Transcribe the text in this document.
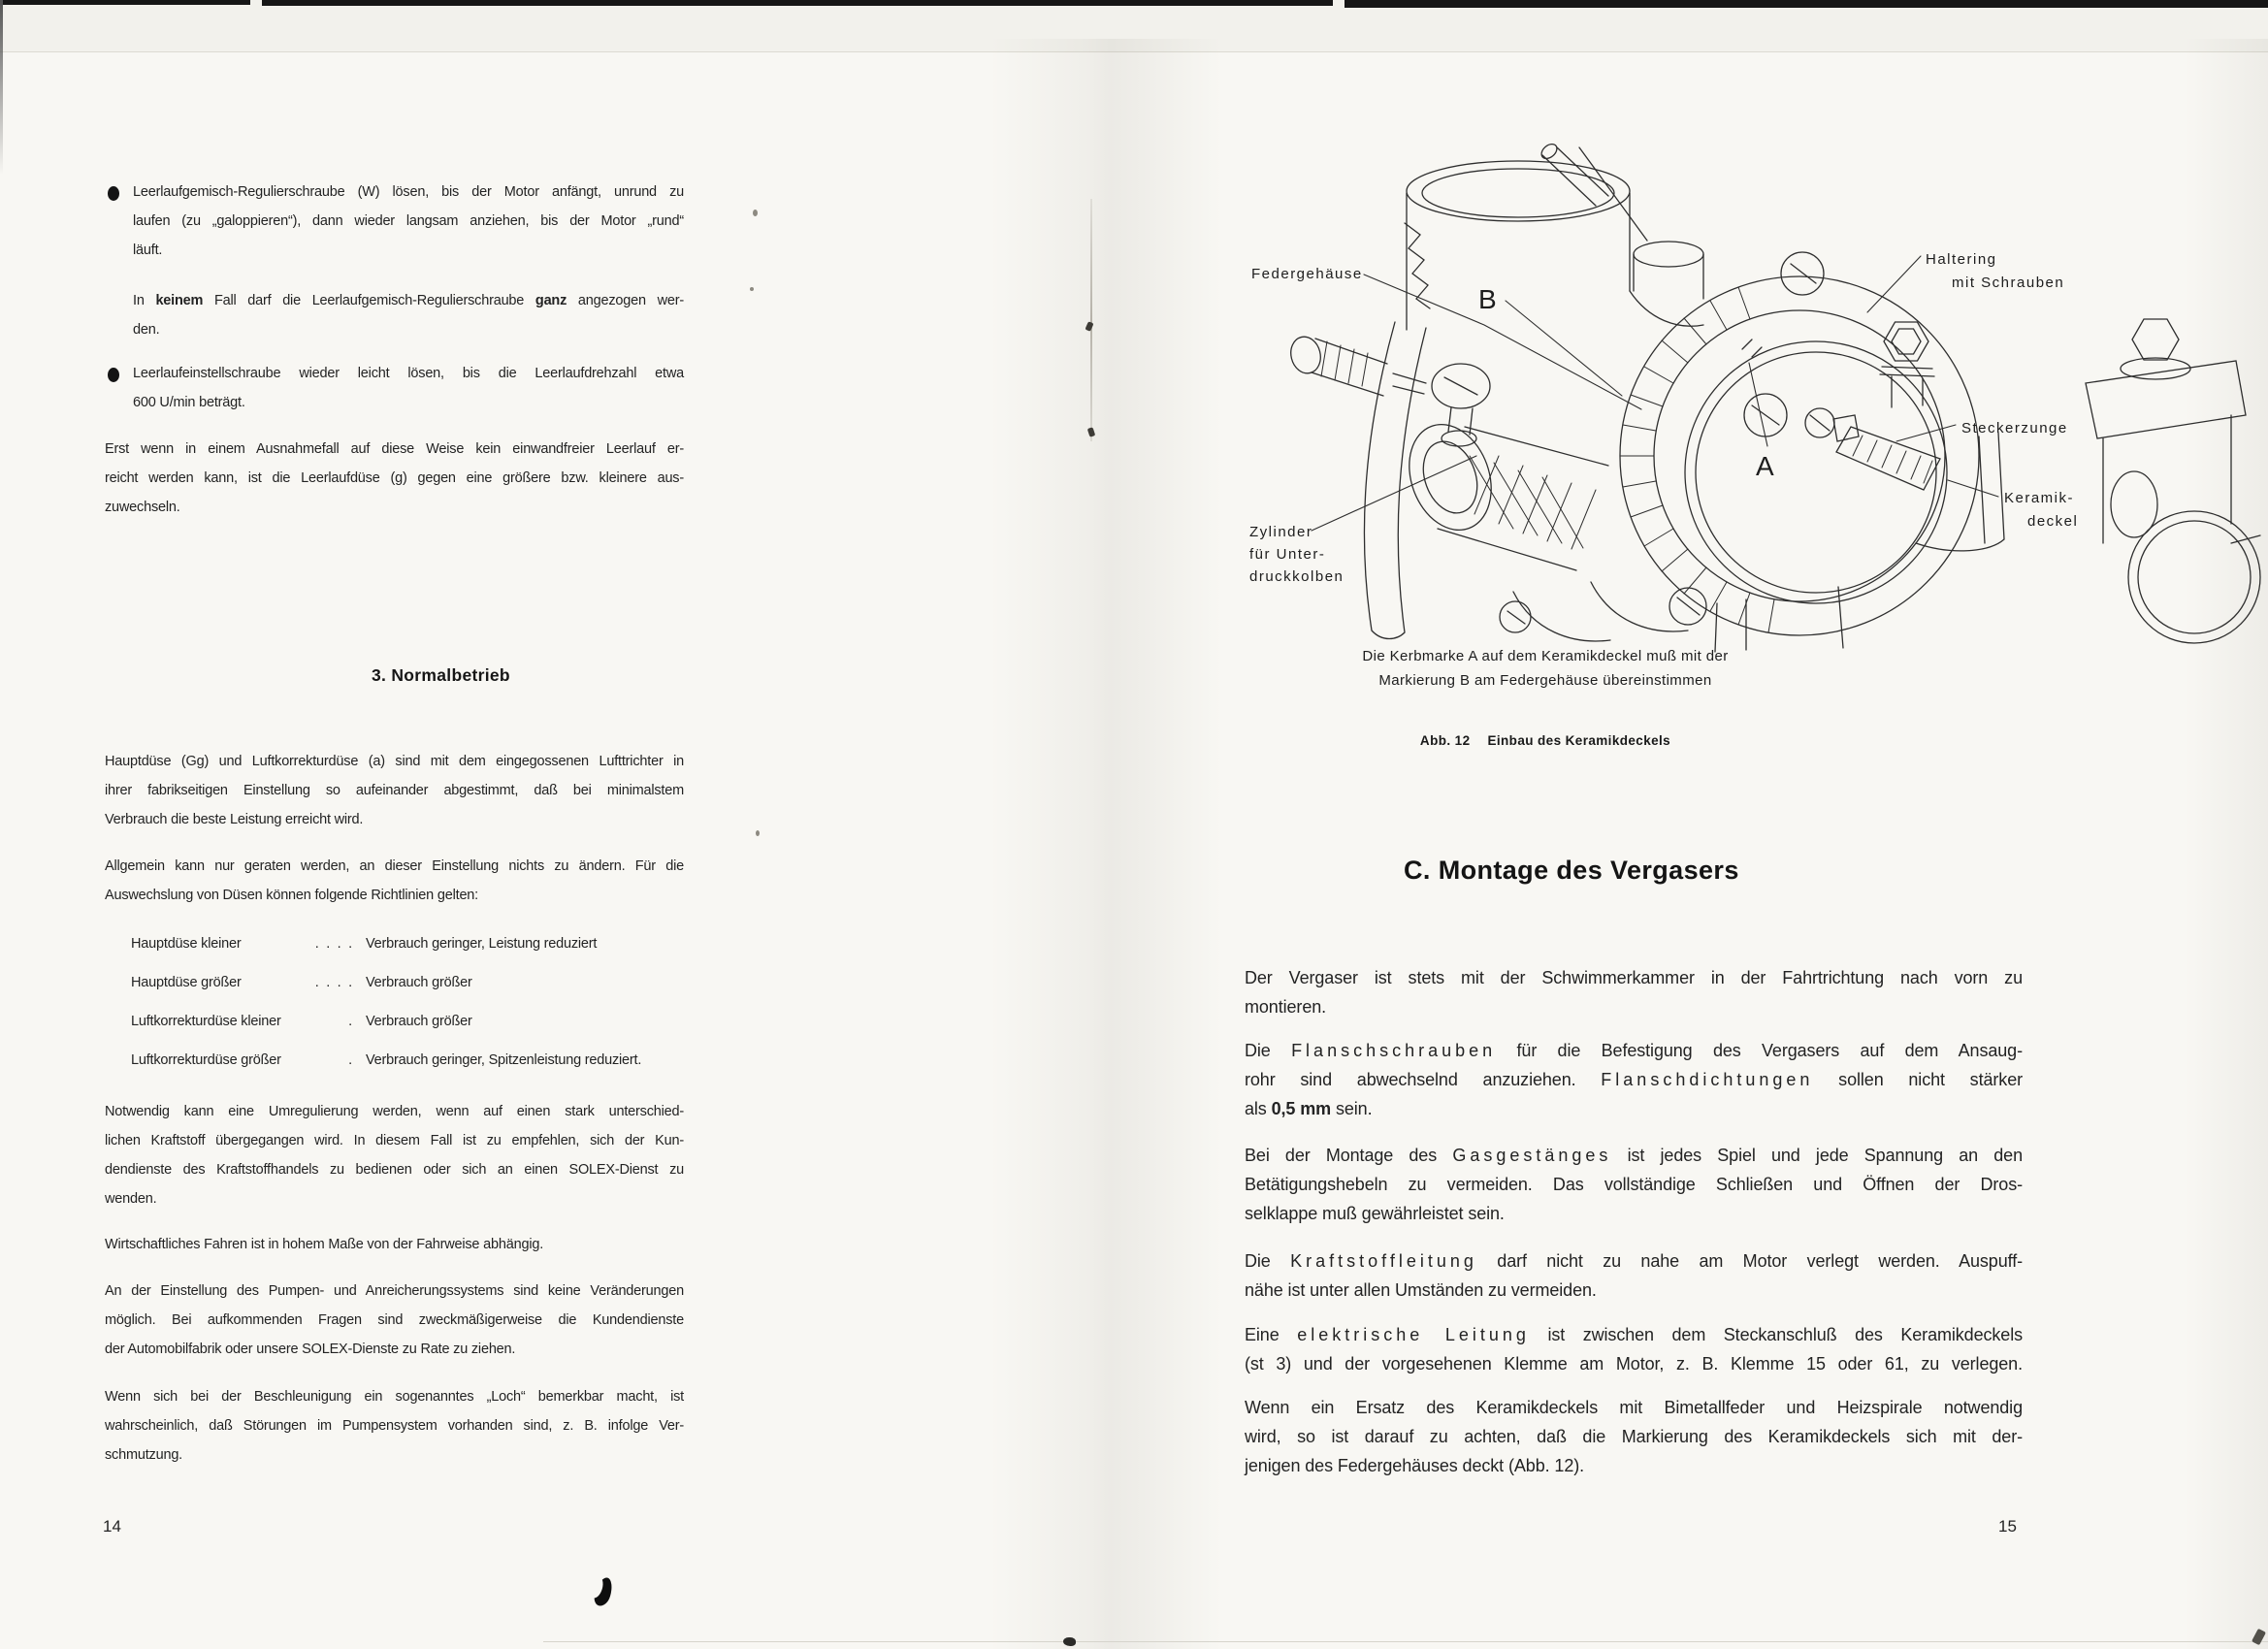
Leerlaufgemisch-Regulierschraube (W) lösen, bis der Motor anfängt, unrund zu
laufen (zu „galoppieren“), dann wieder langsam anziehen, bis der Motor „rund“
läuft.
In keinem Fall darf die Leerlaufgemisch-Regulierschraube ganz angezogen wer-
den.
Leerlaufeinstellschraube wieder leicht lösen, bis die Leerlaufdrehzahl etwa
600 U/min beträgt.
Erst wenn in einem Ausnahmefall auf diese Weise kein einwandfreier Leerlauf er-
reicht werden kann, ist die Leerlaufdüse (g) gegen eine größere bzw. kleinere aus-
zuwechseln.
3. Normalbetrieb
Hauptdüse (Gg) und Luftkorrekturdüse (a) sind mit dem eingegossenen Lufttrichter in
ihrer fabrikseitigen Einstellung so aufeinander abgestimmt, daß bei minimalstem
Verbrauch die beste Leistung erreicht wird.
Allgemein kann nur geraten werden, an dieser Einstellung nichts zu ändern. Für die
Auswechslung von Düsen können folgende Richtlinien gelten:
Hauptdüse kleiner	.  .  .  . Verbrauch geringer, Leistung reduziert
Hauptdüse größer	.  .  .  . Verbrauch größer
Luftkorrekturdüse kleiner	. Verbrauch größer
Luftkorrekturdüse größer	. Verbrauch geringer, Spitzenleistung reduziert.
Notwendig kann eine Umregulierung werden, wenn auf einen stark unterschied-
lichen Kraftstoff übergegangen wird. In diesem Fall ist zu empfehlen, sich der Kun-
dendienste des Kraftstoffhandels zu bedienen oder sich an einen SOLEX-Dienst zu
wenden.
Wirtschaftliches Fahren ist in hohem Maße von der Fahrweise abhängig.
An der Einstellung des Pumpen- und Anreicherungssystems sind keine Veränderungen
möglich. Bei aufkommenden Fragen sind zweckmäßigerweise die Kundendienste
der Automobilfabrik oder unsere SOLEX-Dienste zu Rate zu ziehen.
Wenn sich bei der Beschleunigung ein sogenanntes „Loch“ bemerkbar macht, ist
wahrscheinlich, daß Störungen im Pumpensystem vorhanden sind, z. B. infolge Ver-
schmutzung.
14
Federgehäuse
Haltering
mit Schrauben
Steckerzunge
Keramik-
deckel
Zylinder
für Unter-
druckkolben
A
B
Die Kerbmarke A auf dem Keramikdeckel muß mit der
Markierung B am Federgehäuse übereinstimmen
Abb. 12 Einbau des Keramikdeckels
C. Montage des Vergasers
Der Vergaser ist stets mit der Schwimmerkammer in der Fahrtrichtung nach vorn zu
montieren.
Die Flanschschrauben für die Befestigung des Vergasers auf dem Ansaug-
rohr sind abwechselnd anzuziehen. Flanschdichtungen sollen nicht stärker
als 0,5 mm sein.
Bei der Montage des Gasgestänges ist jedes Spiel und jede Spannung an den
Betätigungshebeln zu vermeiden. Das vollständige Schließen und Öffnen der Dros-
selklappe muß gewährleistet sein.
Die Kraftstoffleitung darf nicht zu nahe am Motor verlegt werden. Auspuff-
nähe ist unter allen Umständen zu vermeiden.
Eine elektrische Leitung ist zwischen dem Steckanschluß des Keramikdeckels
(st 3) und der vorgesehenen Klemme am Motor, z. B. Klemme 15 oder 61, zu verlegen.
Wenn ein Ersatz des Keramikdeckels mit Bimetallfeder und Heizspirale notwendig
wird, so ist darauf zu achten, daß die Markierung des Keramikdeckels sich mit der-
jenigen des Federgehäuses deckt (Abb. 12).
15
